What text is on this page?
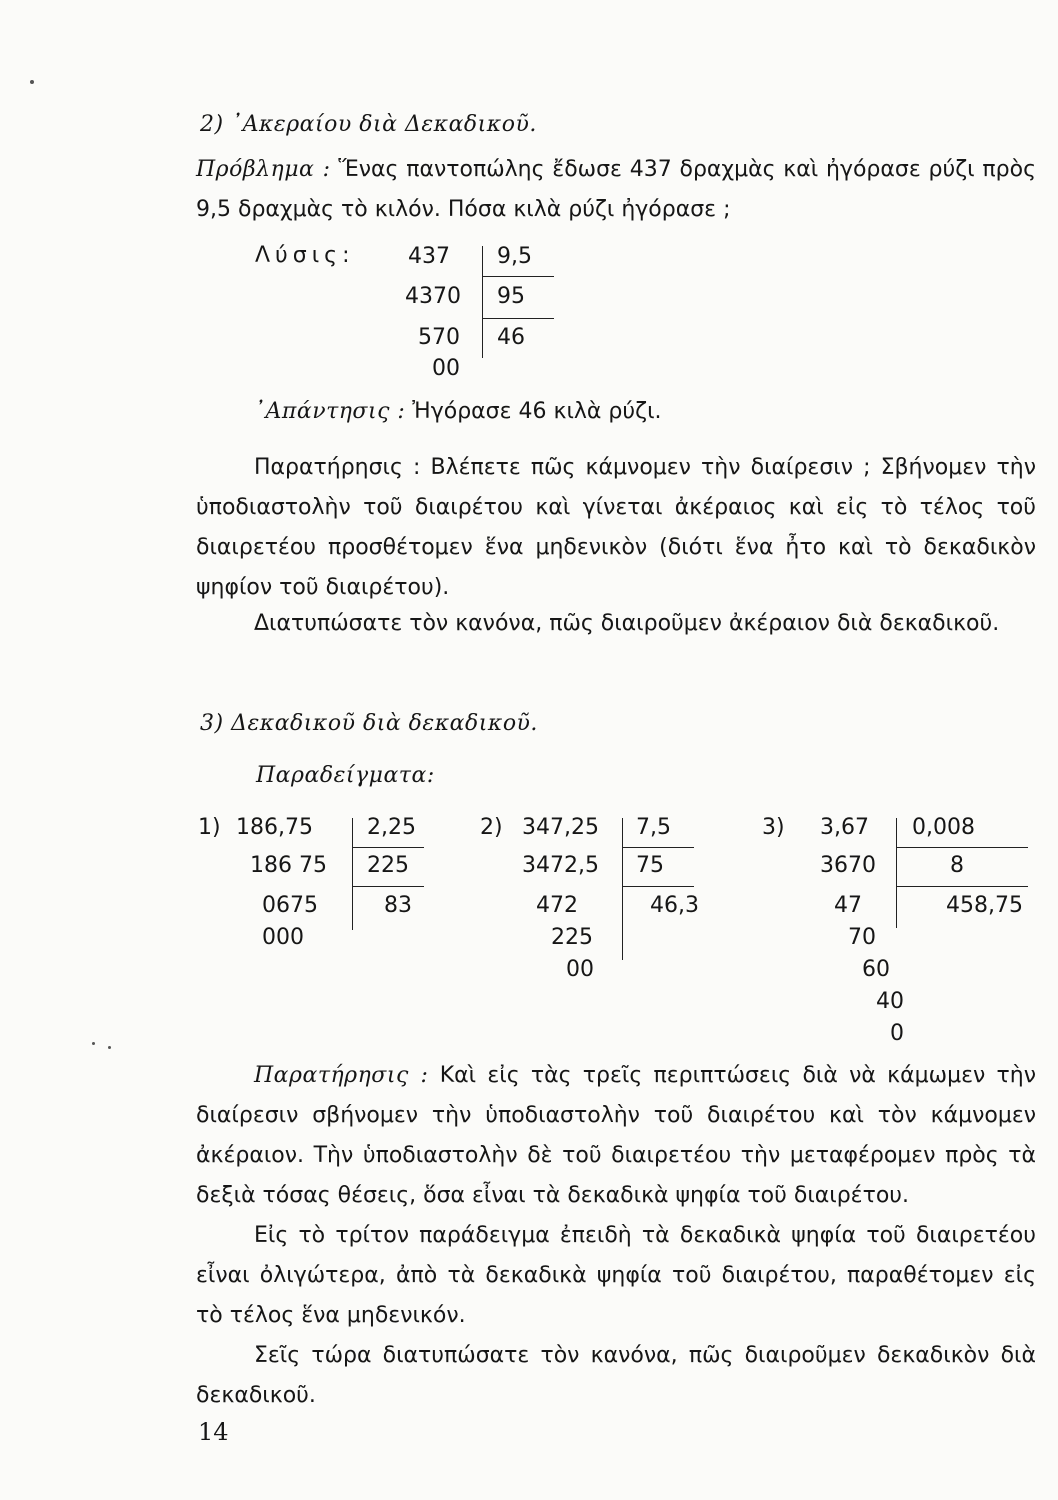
2) ᾽Ακεραίου διὰ Δεκαδικοῦ.

Πρόβλημα : Ἕνας παντοπώλης ἔδωσε 437 δραχμὰς καὶ ἠγόρασε ρύζι πρὸς 9,5 δραχμὰς τὸ κιλόν. Πόσα κιλὰ ρύζι ἠγόρασε ;

Λύσις: 437
4370
570
00
9,5
95
46
᾽Απάντησις : Ἠγόρασε 46 κιλὰ ρύζι.

Παρατήρησις : Βλέπετε πῶς κάμνομεν τὴν διαίρεσιν ; Σβήνομεν τὴν ὑποδιαστολὴν τοῦ διαιρέτου καὶ γίνεται ἀκέραιος καὶ εἰς τὸ τέλος τοῦ διαιρετέου προσθέτομεν ἕνα μηδενικὸν (διότι ἕνα ἦτο καὶ τὸ δεκαδικὸν ψηφίον τοῦ διαιρέτου).

Διατυπώσατε τὸν κανόνα, πῶς διαιροῦμεν ἀκέραιον διὰ δεκαδικοῦ.

3) Δεκαδικοῦ διὰ δεκαδικοῦ.
Παραδείγματα:
1) 186,75
186 75
0675
000
2,25
225
83
2) 347,25
3472,5
472
225
00
7,5
75
46,3
3) 3,67
3670
47
70
60
40
0
0,008
8
458,75

Παρατήρησις : Καὶ εἰς τὰς τρεῖς περιπτώσεις διὰ νὰ κάμωμεν τὴν διαίρεσιν σβήνομεν τὴν ὑποδιαστολὴν τοῦ διαιρέτου καὶ τὸν κάμνομεν ἀκέραιον. Τὴν ὑποδιαστολὴν δὲ τοῦ διαιρετέου τὴν μεταφέρομεν πρὸς τὰ δεξιὰ τόσας θέσεις, ὅσα εἶναι τὰ δεκαδικὰ ψηφία τοῦ διαιρέτου.

Εἰς τὸ τρίτον παράδειγμα ἐπειδὴ τὰ δεκαδικὰ ψηφία τοῦ διαιρετέου εἶναι ὀλιγώτερα, ἀπὸ τὰ δεκαδικὰ ψηφία τοῦ διαιρέτου, παραθέτομεν εἰς τὸ τέλος ἕνα μηδενικόν.

Σεῖς τώρα διατυπώσατε τὸν κανόνα, πῶς διαιροῦμεν δεκαδικὸν διὰ δεκαδικοῦ.

14
